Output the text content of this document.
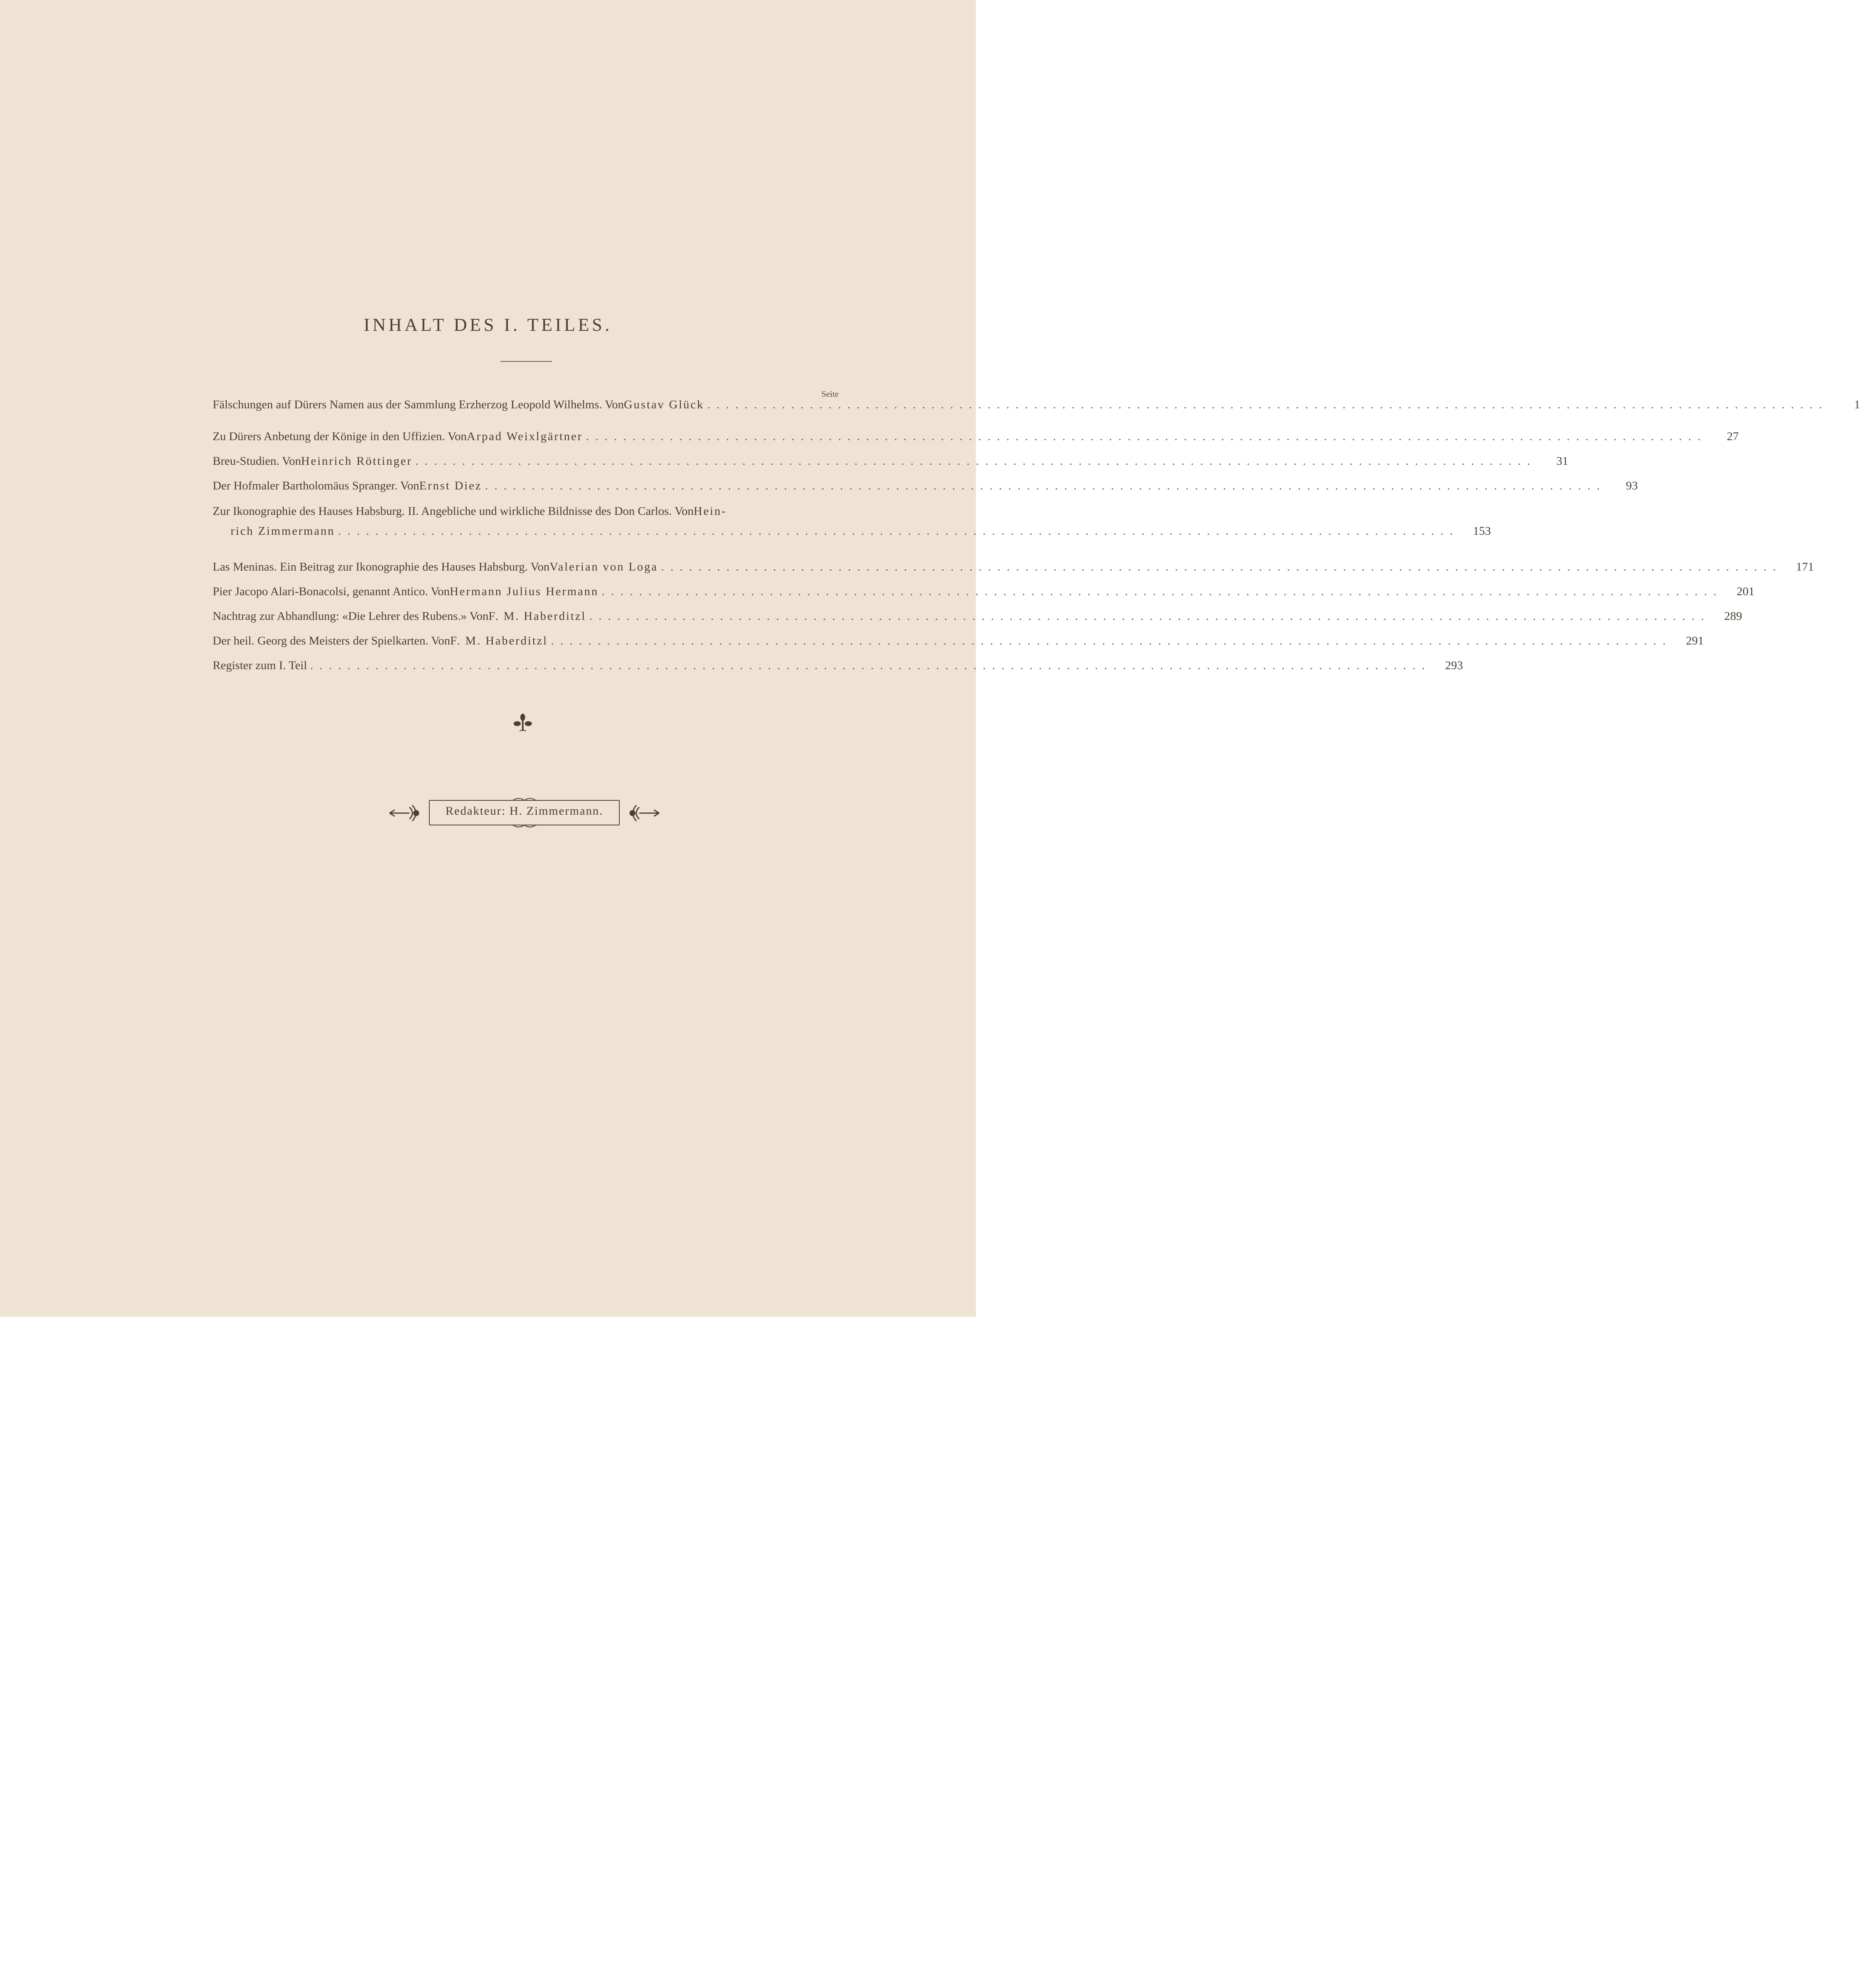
INHALT DES I. TEILES.
Seite
Fälschungen auf Dürers Namen aus der Sammlung Erzherzog Leopold Wilhelms. Von Gustav Glück ........................................................................................................................	1
Zu Dürers Anbetung der Könige in den Uffizien. Von Arpad Weixlgärtner ........................................................................................................................	27
Breu-Studien. Von Heinrich Röttinger ........................................................................................................................	31
Der Hofmaler Bartholomäus Spranger. Von Ernst Diez ........................................................................................................................	93
Zur Ikonographie des Hauses Habsburg. II. Angebliche und wirkliche Bildnisse des Don Carlos. Von Hein-
rich Zimmermann ........................................................................................................................	153
Las Meninas. Ein Beitrag zur Ikonographie des Hauses Habsburg. Von Valerian von Loga ........................................................................................................................	171
Pier Jacopo Alari-Bonacolsi, genannt Antico. Von Hermann Julius Hermann ........................................................................................................................	201
Nachtrag zur Abhandlung: «Die Lehrer des Rubens.» Von F. M. Haberditzl ........................................................................................................................	289
Der heil. Georg des Meisters der Spielkarten. Von F. M. Haberditzl ........................................................................................................................	291
Register zum I. Teil ........................................................................................................................	293
Redakteur: H. Zimmermann.
